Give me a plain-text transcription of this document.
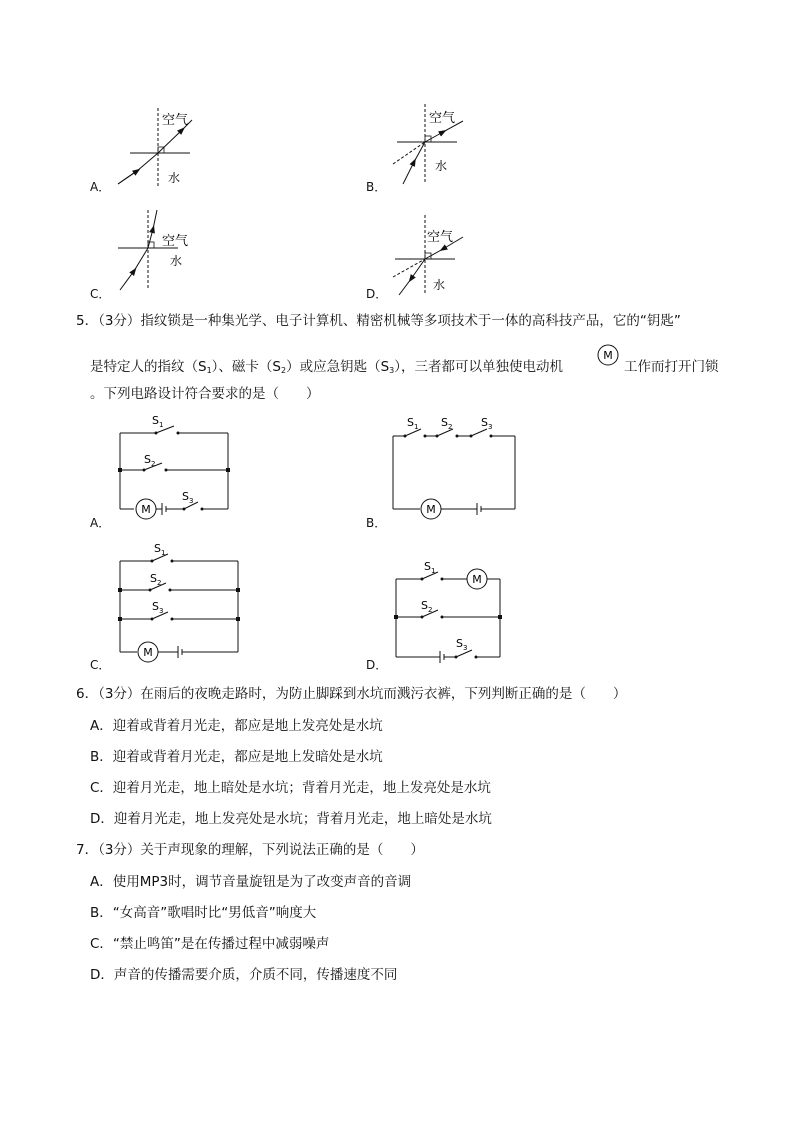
A．
空气
水
B．
空气
水
C．
空气
水
D．
空气
水
5．（3分）指纹锁是一种集光学、电子计算机、精密机械等多项技术于一体的高科技产品，它的“钥匙”
是特定人的指纹$(S_1)$、磁卡$(S_2)$或应急钥匙$(S_3)$，三者都可以单独使电动机
M
工作而打开门锁
。下列电路设计符合要求的是（　　）
A．
M
S 1
S 2
S 3
B．
M
S 1 S 2	S 3
C．
M
S 1
S 2
S 3
D．
M
S 1
S 2
S 3
6．（3分）在雨后的夜晚走路时，为防止脚踩到水坑而溅污衣裤，下列判断正确的是（　　）
A．迎着或背着月光走，都应是地上发亮处是水坑
B．迎着或背着月光走，都应是地上发暗处是水坑
C．迎着月光走，地上暗处是水坑；背着月光走，地上发亮处是水坑
D．迎着月光走，地上发亮处是水坑；背着月光走，地上暗处是水坑
7．（3分）关于声现象的理解，下列说法正确的是（　　）
A．使用MP3时，调节音量旋钮是为了改变声音的音调
B．“女高音”歌唱时比“男低音”响度大
C．“禁止鸣笛”是在传播过程中减弱噪声
D．声音的传播需要介质，介质不同，传播速度不同
